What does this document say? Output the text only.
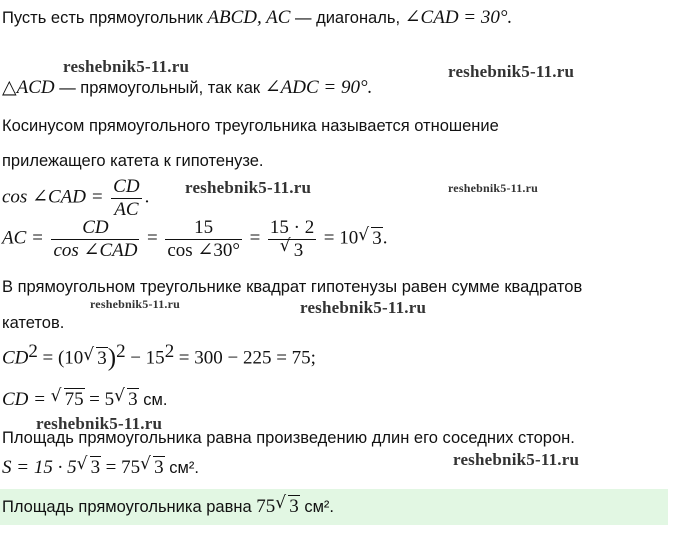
Пусть есть прямоугольник ABCD, AC — диагональ, ∠CAD = 30°.
△ACD — прямоугольный, так как ∠ADC = 90°.
Косинусом прямоугольного треугольника называется отношение
прилежащего катета к гипотенузе.
cos ∠CAD = $\frac{CD}{AC}$ .
AC = $\frac{CD}{\text{cos ∠CAD}} = \frac{15}{\cos \angle 30^\circ} = \frac{15 \cdot 2}{√ 3} = 10$ √ 3.
В прямоугольном треугольнике квадрат гипотенузы равен сумме квадратов
катетов.
$CD^2 = (10$ √ $3)^2 - 15^2 = 300 - 225 = 75$;
CD = √ 75 = 5 √ 3 см.
Площадь прямоугольника равна произведению длин его соседних сторон.
S = 15 · 5 √ 3 = 75 √ 3 см².
Площадь прямоугольника равна 75 √ 3 см².
reshebnik5-11.ru	reshebnik5-11.ru
reshebnik5-11.ru	reshebnik5-11.ru
reshebnik5-11.ru	reshebnik5-11.ru
reshebnik5-11.ru
reshebnik5-11.ru
